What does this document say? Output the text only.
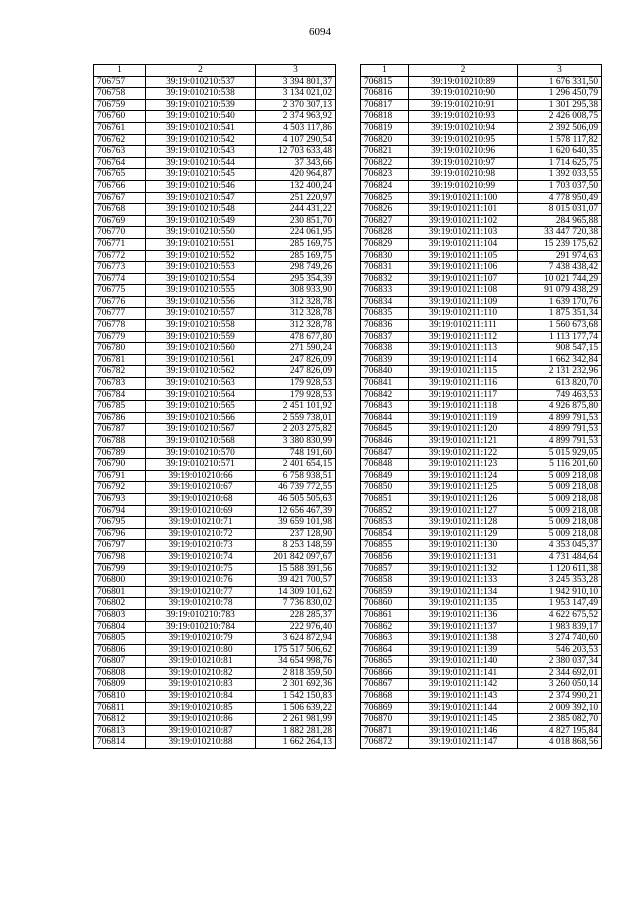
6094
1	2	3
706757	39:19:010210:537	3 394 801,37
706758	39:19:010210:538	3 134 021,02
706759	39:19:010210:539	2 370 307,13
706760	39:19:010210:540	2 374 963,92
706761	39:19:010210:541	4 503 117,86
706762	39:19:010210:542	4 107 290,54
706763	39:19:010210:543	12 703 633,48
706764	39:19:010210:544	37 343,66
706765	39:19:010210:545	420 964,87
706766	39:19:010210:546	132 400,24
706767	39:19:010210:547	251 220,97
706768	39:19:010210:548	244 431,22
706769	39:19:010210:549	230 851,70
706770	39:19:010210:550	224 061,95
706771	39:19:010210:551	285 169,75
706772	39:19:010210:552	285 169,75
706773	39:19:010210:553	298 749,26
706774	39:19:010210:554	295 354,39
706775	39:19:010210:555	308 933,90
706776	39:19:010210:556	312 328,78
706777	39:19:010210:557	312 328,78
706778	39:19:010210:558	312 328,78
706779	39:19:010210:559	478 677,80
706780	39:19:010210:560	271 590,24
706781	39:19:010210:561	247 826,09
706782	39:19:010210:562	247 826,09
706783	39:19:010210:563	179 928,53
706784	39:19:010210:564	179 928,53
706785	39:19:010210:565	2 451 101,92
706786	39:19:010210:566	2 559 738,01
706787	39:19:010210:567	2 203 275,82
706788	39:19:010210:568	3 380 830,99
706789	39:19:010210:570	748 191,60
706790	39:19:010210:571	2 401 654,15
706791	39:19:010210:66	6 758 938,51
706792	39:19:010210:67	46 739 772,55
706793	39:19:010210:68	46 505 505,63
706794	39:19:010210:69	12 656 467,39
706795	39:19:010210:71	39 659 101,98
706796	39:19:010210:72	237 128,90
706797	39:19:010210:73	8 253 148,59
706798	39:19:010210:74	201 842 097,67
706799	39:19:010210:75	15 588 391,56
706800	39:19:010210:76	39 421 700,57
706801	39:19:010210:77	14 309 101,62
706802	39:19:010210:78	7 736 830,02
706803	39:19:010210:783	228 285,37
706804	39:19:010210:784	222 976,40
706805	39:19:010210:79	3 624 872,94
706806	39:19:010210:80	175 517 506,62
706807	39:19:010210:81	34 654 998,76
706808	39:19:010210:82	2 818 359,50
706809	39:19:010210:83	2 301 692,36
706810	39:19:010210:84	1 542 150,83
706811	39:19:010210:85	1 506 639,22
706812	39:19:010210:86	2 261 981,99
706813	39:19:010210:87	1 882 281,28
706814	39:19:010210:88	1 662 264,13
1	2	3
706815	39:19:010210:89	1 676 331,50
706816	39:19:010210:90	1 296 450,79
706817	39:19:010210:91	1 301 295,38
706818	39:19:010210:93	2 426 008,75
706819	39:19:010210:94	2 392 506,09
706820	39:19:010210:95	1 578 117,82
706821	39:19:010210:96	1 620 640,35
706822	39:19:010210:97	1 714 625,75
706823	39:19:010210:98	1 392 033,55
706824	39:19:010210:99	1 703 037,50
706825	39:19:010211:100	4 778 950,49
706826	39:19:010211:101	8 015 031,07
706827	39:19:010211:102	284 965,88
706828	39:19:010211:103	33 447 720,38
706829	39:19:010211:104	15 239 175,62
706830	39:19:010211:105	291 974,63
706831	39:19:010211:106	7 438 438,42
706832	39:19:010211:107	10 021 744,29
706833	39:19:010211:108	91 079 438,29
706834	39:19:010211:109	1 639 170,76
706835	39:19:010211:110	1 875 351,34
706836	39:19:010211:111	1 560 673,68
706837	39:19:010211:112	1 113 177,74
706838	39:19:010211:113	908 547,15
706839	39:19:010211:114	1 662 342,84
706840	39:19:010211:115	2 131 232,96
706841	39:19:010211:116	613 820,70
706842	39:19:010211:117	749 463,53
706843	39:19:010211:118	4 926 875,80
706844	39:19:010211:119	4 899 791,53
706845	39:19:010211:120	4 899 791,53
706846	39:19:010211:121	4 899 791,53
706847	39:19:010211:122	5 015 929,05
706848	39:19:010211:123	5 116 201,60
706849	39:19:010211:124	5 009 218,08
706850	39:19:010211:125	5 009 218,08
706851	39:19:010211:126	5 009 218,08
706852	39:19:010211:127	5 009 218,08
706853	39:19:010211:128	5 009 218,08
706854	39:19:010211:129	5 009 218,08
706855	39:19:010211:130	4 353 045,37
706856	39:19:010211:131	4 731 484,64
706857	39:19:010211:132	1 120 611,38
706858	39:19:010211:133	3 245 353,28
706859	39:19:010211:134	1 942 910,10
706860	39:19:010211:135	1 953 147,49
706861	39:19:010211:136	4 622 675,52
706862	39:19:010211:137	1 983 839,17
706863	39:19:010211:138	3 274 740,60
706864	39:19:010211:139	546 203,53
706865	39:19:010211:140	2 380 037,34
706866	39:19:010211:141	2 344 692,01
706867	39:19:010211:142	3 260 050,14
706868	39:19:010211:143	2 374 990,21
706869	39:19:010211:144	2 009 392,10
706870	39:19:010211:145	2 385 082,70
706871	39:19:010211:146	4 827 195,84
706872	39:19:010211:147	4 018 868,56
